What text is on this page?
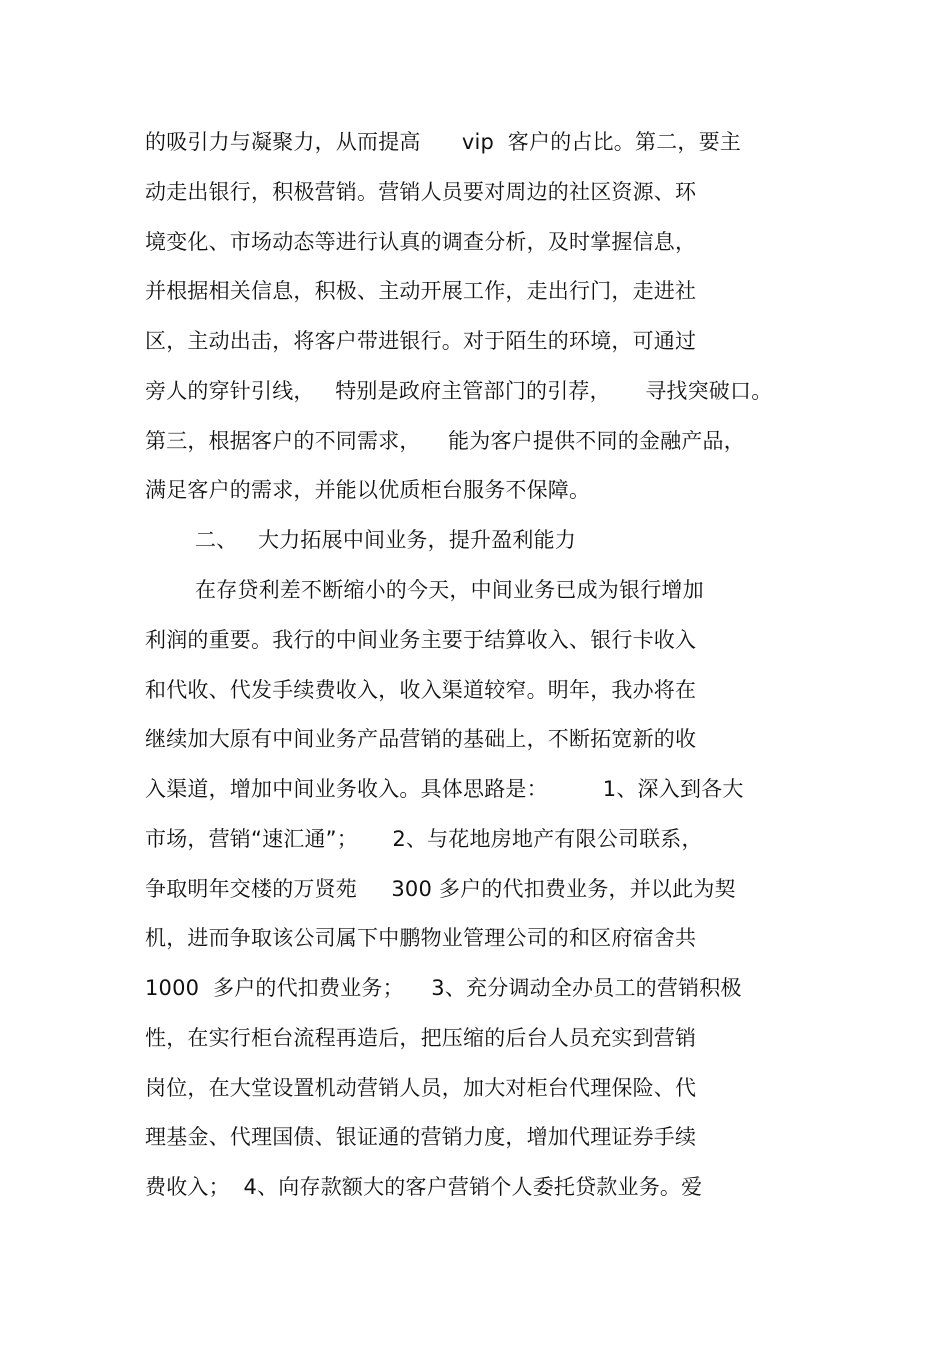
的吸引力与凝聚力，从而提高      vip  客户的占比。第二，要主
动走出银行，积极营销。营销人员要对周边的社区资源、环
境变化、市场动态等进行认真的调查分析，及时掌握信息，
并根据相关信息，积极、主动开展工作，走出行门，走进社
区，主动出击，将客户带进银行。对于陌生的环境，可通过
旁人的穿针引线，   特别是政府主管部门的引荐，     寻找突破口。
第三，根据客户的不同需求，    能为客户提供不同的金融产品，
满足客户的需求，并能以优质柜台服务不保障。
二、   大力拓展中间业务，提升盈利能力
在存贷利差不断缩小的今天，中间业务已成为银行增加
利润的重要。我行的中间业务主要于结算收入、银行卡收入
和代收、代发手续费收入，收入渠道较窄。明年，我办将在
继续加大原有中间业务产品营销的基础上，不断拓宽新的收
入渠道，增加中间业务收入。具体思路是：        1、深入到各大
市场，营销“速汇通”；     2、与花地房地产有限公司联系，
争取明年交楼的万贤苑     300 多户的代扣费业务，并以此为契
机，进而争取该公司属下中鹏物业管理公司的和区府宿舍共
1000  多户的代扣费业务；    3、充分调动全办员工的营销积极
性，在实行柜台流程再造后，把压缩的后台人员充实到营销
岗位，在大堂设置机动营销人员，加大对柜台代理保险、代
理基金、代理国债、银证通的营销力度，增加代理证券手续
费收入；  4、向存款额大的客户营销个人委托贷款业务。爱
